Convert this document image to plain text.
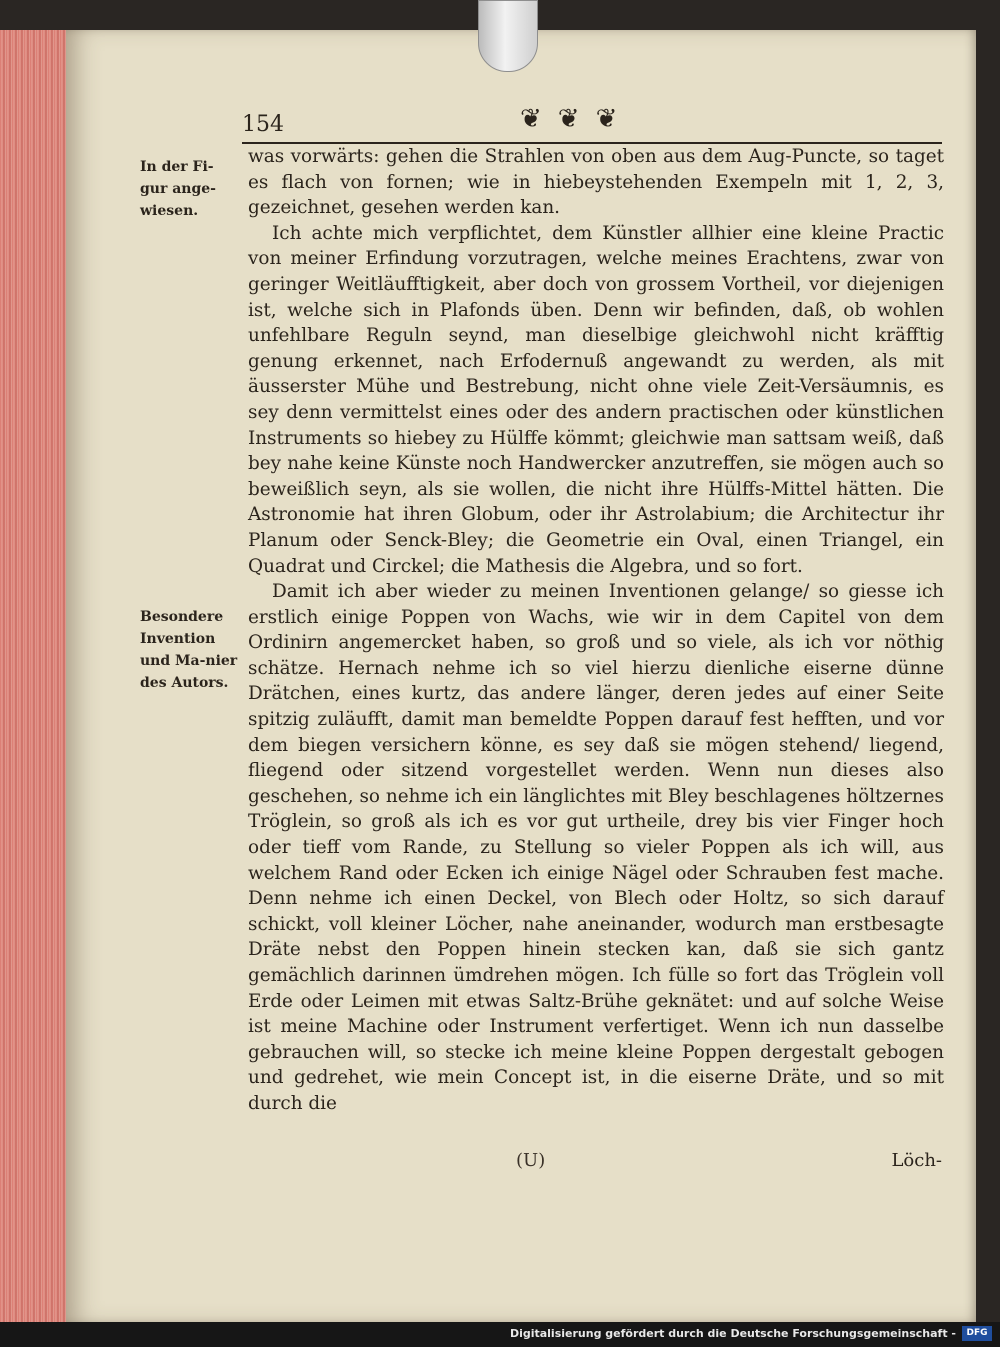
154	❦❦❦
In der Fi-gur ange-wiesen.
Besondere Invention und Ma-nier des Autors.

was vorwärts: gehen die Strahlen von oben aus dem Aug-Puncte, so taget es flach von fornen; wie in hiebeystehenden Exempeln mit 1, 2, 3, gezeichnet, gesehen werden kan.

Ich achte mich verpflichtet, dem Künstler allhier eine kleine Practic von meiner Erfindung vorzutragen, welche meines Erachtens, zwar von geringer Weitläufftigkeit, aber doch von grossem Vortheil, vor diejenigen ist, welche sich in Plafonds üben. Denn wir befinden, daß, ob wohlen unfehlbare Reguln seynd, man dieselbige gleichwohl nicht kräfftig genung erkennet, nach Erfodernuß angewandt zu werden, als mit äusserster Mühe und Bestrebung, nicht ohne viele Zeit-Versäumnis, es sey denn vermittelst eines oder des andern practischen oder künstlichen Instruments so hiebey zu Hülffe kömmt; gleichwie man sattsam weiß, daß bey nahe keine Künste noch Handwercker anzutreffen, sie mögen auch so beweißlich seyn, als sie wollen, die nicht ihre Hülffs-Mittel hätten. Die Astronomie hat ihren Globum, oder ihr Astrolabium; die Architectur ihr Planum oder Senck-Bley; die Geometrie ein Oval, einen Triangel, ein Quadrat und Circkel; die Mathesis die Algebra, und so fort.

Damit ich aber wieder zu meinen Inventionen gelange/ so giesse ich erstlich einige Poppen von Wachs, wie wir in dem Capitel von dem Ordinirn angemercket haben, so groß und so viele, als ich vor nöthig schätze. Hernach nehme ich so viel hierzu dienliche eiserne dünne Drätchen, eines kurtz, das andere länger, deren jedes auf einer Seite spitzig zuläufft, damit man bemeldte Poppen darauf fest hefften, und vor dem biegen versichern könne, es sey daß sie mögen stehend/ liegend, fliegend oder sitzend vorgestellet werden. Wenn nun dieses also geschehen, so nehme ich ein länglichtes mit Bley beschlagenes höltzernes Tröglein, so groß als ich es vor gut urtheile, drey bis vier Finger hoch oder tieff vom Rande, zu Stellung so vieler Poppen als ich will, aus welchem Rand oder Ecken ich einige Nägel oder Schrauben fest mache. Denn nehme ich einen Deckel, von Blech oder Holtz, so sich darauf schickt, voll kleiner Löcher, nahe aneinander, wodurch man erstbesagte Dräte nebst den Poppen hinein stecken kan, daß sie sich gantz gemächlich darinnen ümdrehen mögen. Ich fülle so fort das Tröglein voll Erde oder Leimen mit etwas Saltz-Brühe geknätet: und auf solche Weise ist meine Machine oder Instrument verfertiget. Wenn ich nun dasselbe gebrauchen will, so stecke ich meine kleine Poppen dergestalt gebogen und gedrehet, wie mein Concept ist, in die eiserne Dräte, und so mit durch die

(U)	Löch-
Digitalisierung gefördert durch die Deutsche Forschungsgemeinschaft -	DFG
